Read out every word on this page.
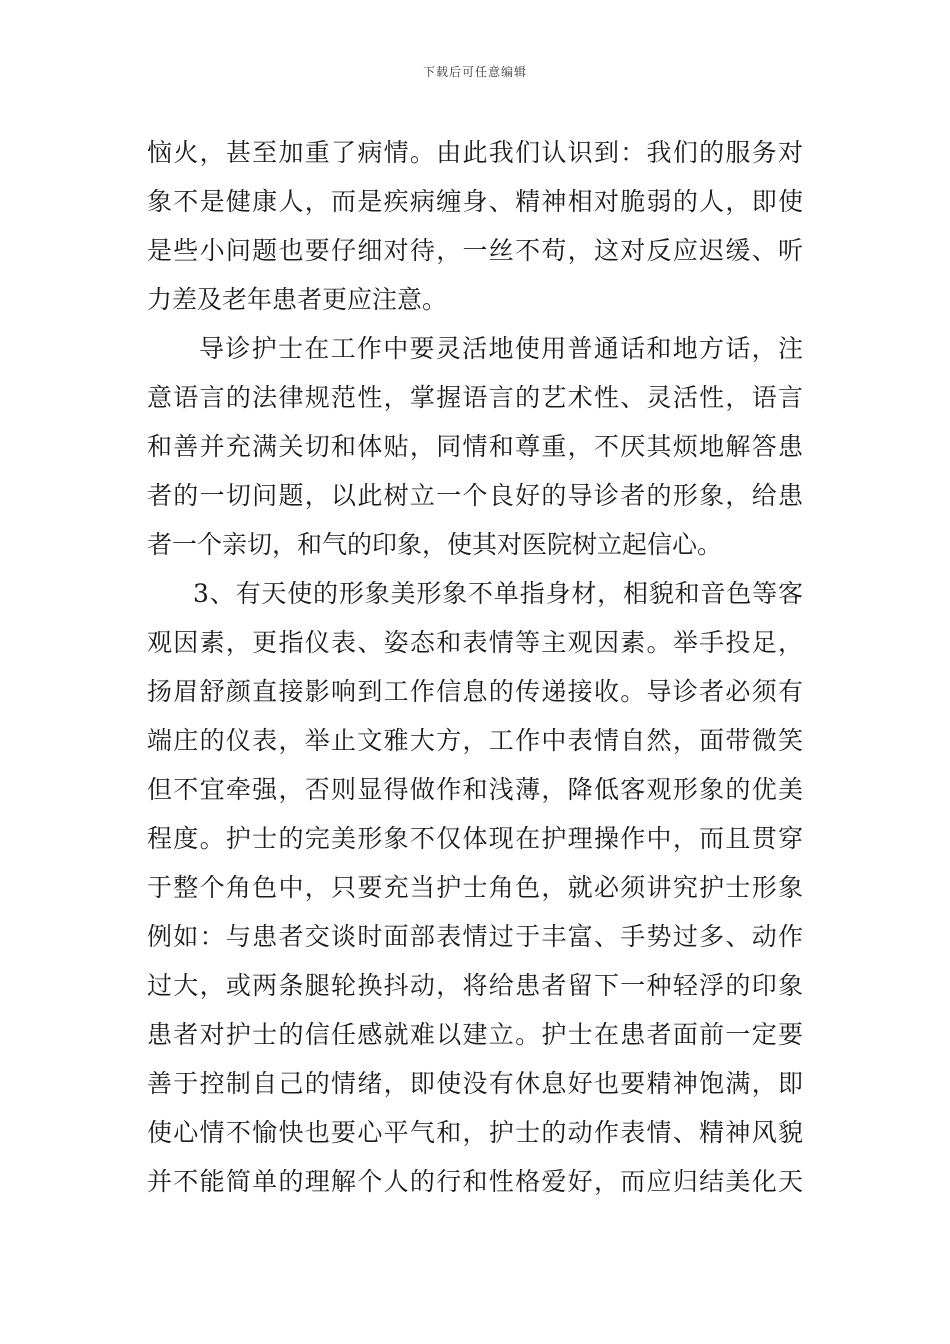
下载后可任意编辑
恼火，甚至加重了病情。由此我们认识到：我们的服务对
象不是健康人，而是疾病缠身、精神相对脆弱的人，即使
是些小问题也要仔细对待，一丝不苟，这对反应迟缓、听
力差及老年患者更应注意。
导诊护士在工作中要灵活地使用普通话和地方话，注
意语言的法律规范性，掌握语言的艺术性、灵活性，语言
和善并充满关切和体贴，同情和尊重，不厌其烦地解答患
者的一切问题，以此树立一个良好的导诊者的形象，给患
者一个亲切，和气的印象，使其对医院树立起信心。
3、有天使的形象美形象不单指身材，相貌和音色等客
观因素，更指仪表、姿态和表情等主观因素。举手投足，
扬眉舒颜直接影响到工作信息的传递接收。导诊者必须有
端庄的仪表，举止文雅大方，工作中表情自然，面带微笑
但不宜牵强，否则显得做作和浅薄，降低客观形象的优美
程度。护士的完美形象不仅体现在护理操作中，而且贯穿
于整个角色中，只要充当护士角色，就必须讲究护士形象
例如：与患者交谈时面部表情过于丰富、手势过多、动作
过大，或两条腿轮换抖动，将给患者留下一种轻浮的印象
患者对护士的信任感就难以建立。护士在患者面前一定要
善于控制自己的情绪，即使没有休息好也要精神饱满，即
使心情不愉快也要心平气和，护士的动作表情、精神风貌
并不能简单的理解个人的行和性格爱好，而应归结美化天
